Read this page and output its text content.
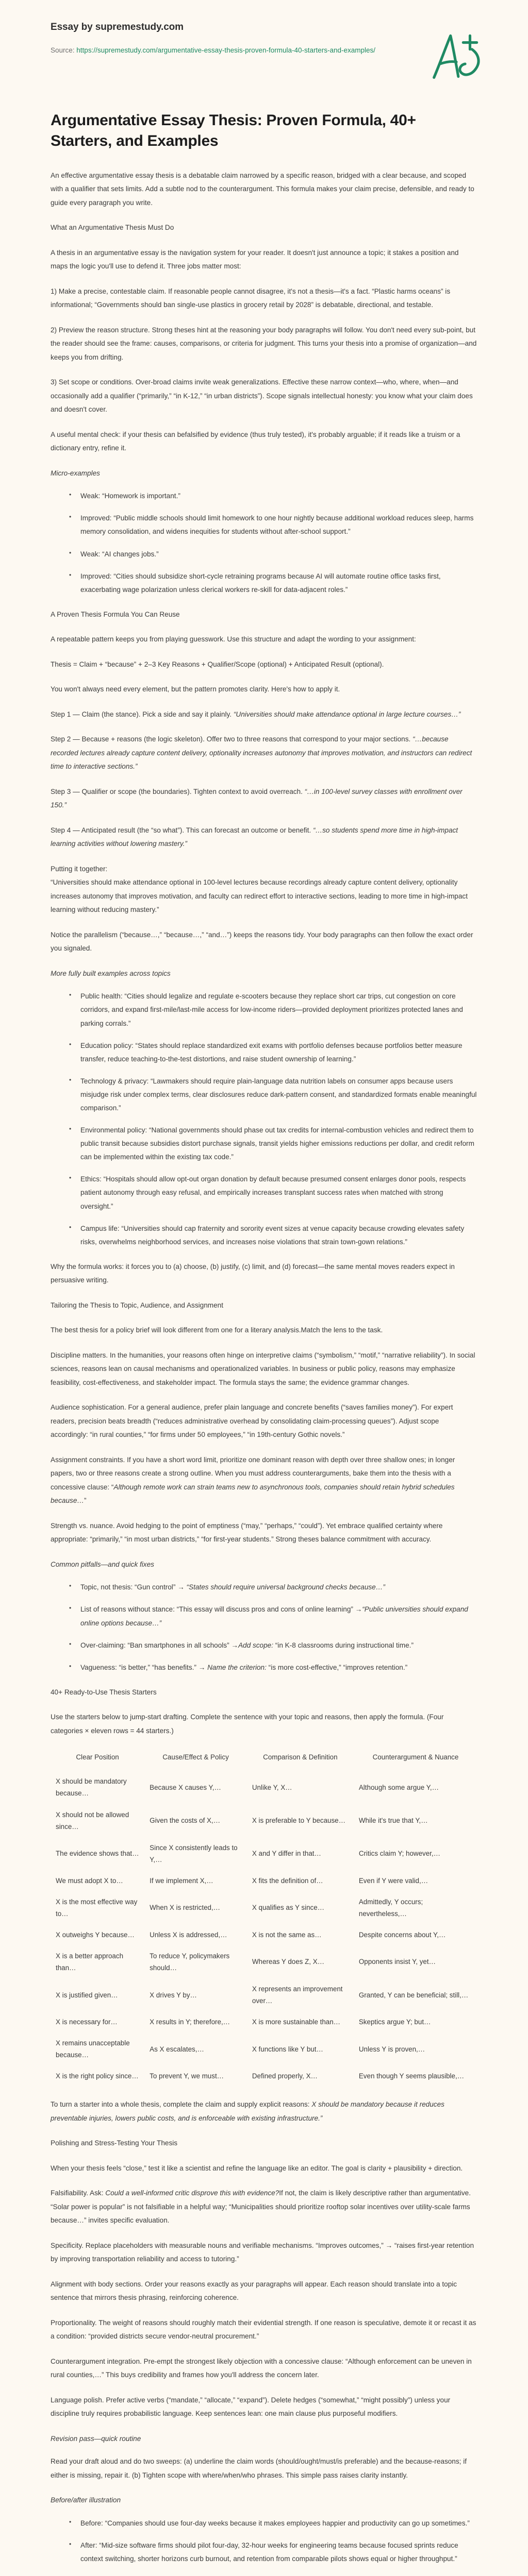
Essay by supremestudy.com

Source: https://supremestudy.com/argumentative-essay-thesis-proven-formula-40-starters-and-examples/

Argumentative Essay Thesis: Proven Formula, 40+ Starters, and Examples

An effective argumentative essay thesis is a debatable claim narrowed by a specific reason, bridged with a clear because, and scoped with a qualifier that sets limits. Add a subtle nod to the counterargument. This formula makes your claim precise, defensible, and ready to guide every paragraph you write.

What an Argumentative Thesis Must Do

A thesis in an argumentative essay is the navigation system for your reader. It doesn't just announce a topic; it stakes a position and maps the logic you'll use to defend it. Three jobs matter most:

1) Make a precise, contestable claim. If reasonable people cannot disagree, it's not a thesis—it's a fact. “Plastic harms oceans” is informational; “Governments should ban single-use plastics in grocery retail by 2028” is debatable, directional, and testable.

2) Preview the reason structure. Strong theses hint at the reasoning your body paragraphs will follow. You don't need every sub-point, but the reader should see the frame: causes, comparisons, or criteria for judgment. This turns your thesis into a promise of organization—and keeps you from drifting.

3) Set scope or conditions. Over-broad claims invite weak generalizations. Effective these narrow context—who, where, when—and occasionally add a qualifier (“primarily,” “in K-12,” “in urban districts”). Scope signals intellectual honesty: you know what your claim does and doesn't cover.

A useful mental check: if your thesis can befalsified by evidence (thus truly tested), it's probably arguable; if it reads like a truism or a dictionary entry, refine it.

Micro-examples

• Weak: “Homework is important.”
• Improved: “Public middle schools should limit homework to one hour nightly because additional workload reduces sleep, harms memory consolidation, and widens inequities for students without after-school support.”
• Weak: “AI changes jobs.”
• Improved: “Cities should subsidize short-cycle retraining programs because AI will automate routine office tasks first, exacerbating wage polarization unless clerical workers re-skill for data-adjacent roles.”
A Proven Thesis Formula You Can Reuse

A repeatable pattern keeps you from playing guesswork. Use this structure and adapt the wording to your assignment:

Thesis = Claim + “because” + 2–3 Key Reasons + Qualifier/Scope (optional) + Anticipated Result (optional).

You won't always need every element, but the pattern promotes clarity. Here's how to apply it.

Step 1 — Claim (the stance). Pick a side and say it plainly. “Universities should make attendance optional in large lecture courses…”

Step 2 — Because + reasons (the logic skeleton). Offer two to three reasons that correspond to your major sections. “…because recorded lectures already capture content delivery, optionality increases autonomy that improves motivation, and instructors can redirect time to interactive sections.”

Step 3 — Qualifier or scope (the boundaries). Tighten context to avoid overreach. “…in 100-level survey classes with enrollment over 150.”

Step 4 — Anticipated result (the “so what”). This can forecast an outcome or benefit. “…so students spend more time in high-impact learning activities without lowering mastery.”

Putting it together:
“Universities should make attendance optional in 100-level lectures because recordings already capture content delivery, optionality increases autonomy that improves motivation, and faculty can redirect effort to interactive sections, leading to more time in high-impact learning without reducing mastery.”

Notice the parallelism (“because…,” “because…,” “and…”) keeps the reasons tidy. Your body paragraphs can then follow the exact order you signaled.

More fully built examples across topics

• Public health: “Cities should legalize and regulate e-scooters because they replace short car trips, cut congestion on core corridors, and expand first-mile/last-mile access for low-income riders—provided deployment prioritizes protected lanes and parking corrals.”
• Education policy: “States should replace standardized exit exams with portfolio defenses because portfolios better measure transfer, reduce teaching-to-the-test distortions, and raise student ownership of learning.”
• Technology & privacy: “Lawmakers should require plain-language data nutrition labels on consumer apps because users misjudge risk under complex terms, clear disclosures reduce dark-pattern consent, and standardized formats enable meaningful comparison.”
• Environmental policy: “National governments should phase out tax credits for internal-combustion vehicles and redirect them to public transit because subsidies distort purchase signals, transit yields higher emissions reductions per dollar, and credit reform can be implemented within the existing tax code.”
• Ethics: “Hospitals should allow opt-out organ donation by default because presumed consent enlarges donor pools, respects patient autonomy through easy refusal, and empirically increases transplant success rates when matched with strong oversight.”
• Campus life: “Universities should cap fraternity and sorority event sizes at venue capacity because crowding elevates safety risks, overwhelms neighborhood services, and increases noise violations that strain town-gown relations.”

Why the formula works: it forces you to (a) choose, (b) justify, (c) limit, and (d) forecast—the same mental moves readers expect in persuasive writing.

Tailoring the Thesis to Topic, Audience, and Assignment

The best thesis for a policy brief will look different from one for a literary analysis.Match the lens to the task.

Discipline matters. In the humanities, your reasons often hinge on interpretive claims (“symbolism,” “motif,” “narrative reliability”). In social sciences, reasons lean on causal mechanisms and operationalized variables. In business or public policy, reasons may emphasize feasibility, cost-effectiveness, and stakeholder impact. The formula stays the same; the evidence grammar changes.

Audience sophistication. For a general audience, prefer plain language and concrete benefits (“saves families money”). For expert readers, precision beats breadth (“reduces administrative overhead by consolidating claim-processing queues”). Adjust scope accordingly: “in rural counties,” “for firms under 50 employees,” “in 19th-century Gothic novels.”

Assignment constraints. If you have a short word limit, prioritize one dominant reason with depth over three shallow ones; in longer papers, two or three reasons create a strong outline. When you must address counterarguments, bake them into the thesis with a concessive clause: “Although remote work can strain teams new to asynchronous tools, companies should retain hybrid schedules because…”

Strength vs. nuance. Avoid hedging to the point of emptiness (“may,” “perhaps,” “could”). Yet embrace qualified certainty where appropriate: “primarily,” “in most urban districts,” “for first-year students.” Strong theses balance commitment with accuracy.

Common pitfalls—and quick fixes

• Topic, not thesis: “Gun control” → “States should require universal background checks because…”
• List of reasons without stance: “This essay will discuss pros and cons of online learning” →“Public universities should expand online options because…”
• Over-claiming: “Ban smartphones in all schools” →Add scope: “in K-8 classrooms during instructional time.”
• Vagueness: “is better,” “has benefits.” → Name the criterion: “is more cost-effective,” “improves retention.”
40+ Ready-to-Use Thesis Starters

Use the starters below to jump-start drafting. Complete the sentence with your topic and reasons, then apply the formula. (Four categories × eleven rows = 44 starters.)

Clear Position	Cause/Effect & Policy	Comparison & Definition	Counterargument & Nuance
X should be mandatory because…	Because X causes Y,…	Unlike Y, X…	Although some argue Y,…
X should not be allowed since…	Given the costs of X,…	X is preferable to Y because…	While it's true that Y,…
The evidence shows that…	Since X consistently leads to Y,…	X and Y differ in that…	Critics claim Y; however,…
We must adopt X to…	If we implement X,…	X fits the definition of…	Even if Y were valid,…
X is the most effective way to…	When X is restricted,…	X qualifies as Y since…	Admittedly, Y occurs; nevertheless,…
X outweighs Y because…	Unless X is addressed,…	X is not the same as…	Despite concerns about Y,…
X is a better approach than…	To reduce Y, policymakers should…	Whereas Y does Z, X…	Opponents insist Y, yet…
X is justified given…	X drives Y by…	X represents an improvement over…	Granted, Y can be beneficial; still,…
X is necessary for…	X results in Y; therefore,…	X is more sustainable than…	Skeptics argue Y; but…
X remains unacceptable because…	As X escalates,…	X functions like Y but…	Unless Y is proven,…
X is the right policy since…	To prevent Y, we must…	Defined properly, X…	Even though Y seems plausible,…

To turn a starter into a whole thesis, complete the claim and supply explicit reasons: X should be mandatory because it reduces preventable injuries, lowers public costs, and is enforceable with existing infrastructure.”

Polishing and Stress-Testing Your Thesis

When your thesis feels “close,” test it like a scientist and refine the language like an editor. The goal is clarity + plausibility + direction.

Falsifiability. Ask: Could a well-informed critic disprove this with evidence?If not, the claim is likely descriptive rather than argumentative. “Solar power is popular” is not falsifiable in a helpful way; “Municipalities should prioritize rooftop solar incentives over utility-scale farms because…” invites specific evaluation.

Specificity. Replace placeholders with measurable nouns and verifiable mechanisms. “Improves outcomes,” → “raises first-year retention by improving transportation reliability and access to tutoring.”

Alignment with body sections. Order your reasons exactly as your paragraphs will appear. Each reason should translate into a topic sentence that mirrors thesis phrasing, reinforcing coherence.

Proportionality. The weight of reasons should roughly match their evidential strength. If one reason is speculative, demote it or recast it as a condition: “provided districts secure vendor-neutral procurement.”

Counterargument integration. Pre-empt the strongest likely objection with a concessive clause: “Although enforcement can be uneven in rural counties,…” This buys credibility and frames how you'll address the concern later.

Language polish. Prefer active verbs (“mandate,” “allocate,” “expand”). Delete hedges (“somewhat,” “might possibly”) unless your discipline truly requires probabilistic language. Keep sentences lean: one main clause plus purposeful modifiers.

Revision pass—quick routine

Read your draft aloud and do two sweeps: (a) underline the claim words (should/ought/must/is preferable) and the because-reasons; if either is missing, repair it. (b) Tighten scope with where/when/who phrases. This simple pass raises clarity instantly.

Before/after illustration

• Before: “Companies should use four-day weeks because it makes employees happier and productivity can go up sometimes.”
• After: “Mid-size software firms should pilot four-day, 32-hour weeks for engineering teams because focused sprints reduce context switching, shorter horizons curb burnout, and retention from comparable pilots shows equal or higher throughput.”
